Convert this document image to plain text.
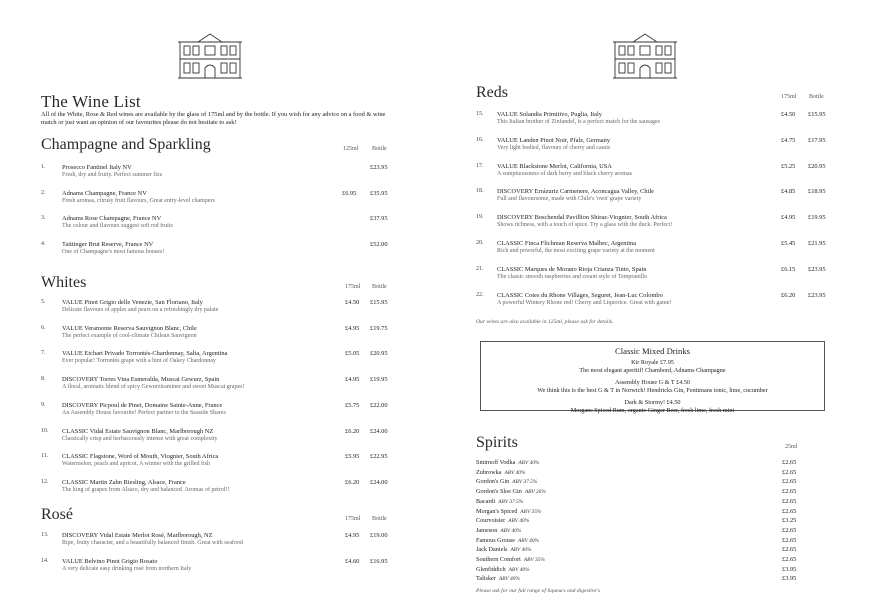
The Wine List
All of the White, Rose & Red wines are available by the glass of 175ml and by the bottle. If you wish for any advice on a food & wine match or just want an opinion of our favourites please do not hesitate to ask!
Champagne and Sparkling	125ml Bottle
1.	Prosecco Fantinel Italy NV
Fresh, dry and fruity. Perfect summer fizz
£23.95
2.	Adnams Champagne, France NV
Fresh aromas, citrusy fruit flavours, Great entry-level champers
£6.95 £35.95
3.	Adnams Rose Champagne, France NV
The colour and flavours suggest soft red fruits
£37.95
4.	Taittinger Brut Reserve, France NV
One of Champagne's most famous houses!
£52.00
Whites	175ml Bottle
5.	VALUE Pinot Grigio delle Venezie, San Floriano, Italy
Delicate flavours of apples and pears on a refreshingly dry palate
£4.50 £15.95
6.	VALUE Veramonte Reserva Sauvignon Blanc, Chile
The perfect example of cool-climate Chilean Sauvignon
£4.95 £19.75
7.	VALUE Etchart Privado Torrontés-Chardonnay, Salta, Argentina
Ever popular! Torrontés grape with a hint of Oakey Chardonnay
£5.05 £20.95
8.	DISCOVERY Torres Vina Esmeralda, Muscat Gewurz, Spain
A floral, aromatic blend of spicy Gewurztraminer and sweet Muscat grapes!
£4.95 £19.95
9.	DISCOVERY Picpoul de Pinet, Domaine Sainte-Anne, France
An Assembly House favourite! Perfect partner to the Seaside Shares
£5.75 £22.00
10. CLASSIC Vidal Estate Sauvignon Blanc, Marlborough NZ
Classically crisp and herbaceously intense with great complexity
£6.20 £24.00
11. CLASSIC Flagstone, Word of Mouth, Viognier, South Africa
Watermelon, peach and apricot. A winner with the grilled fish
£5.95 £22.95
12. CLASSIC Martin Zahn Riesling, Alsace, France
The king of grapes from Alsace, dry and balanced. Aromas of petrol!!
£6.20 £24.00
Rosé	175ml Bottle
13. DISCOVERY Vidal Estate Merlot Rosé, Marlborough, NZ
Ripe, fruity character, and a beautifully balanced finish. Great with seafood
£4.95 £19.00
14. VALUE Belvino Pinot Grigio Rosato
A very delicate easy drinking rosé from northern Italy
£4.60 £16.95
Reds	175ml Bottle
15. VALUE Solandia Primitivo, Puglia, Italy
This Italian brother of Zinfandel, is a perfect match for the sausages
£4.50 £15.95
16. VALUE Landen Pinot Noir, Pfalz, Germany
Very light bodied, flavours of cherry and cassis
£4.75 £17.95
17. VALUE Blackstone Merlot, California, USA
A sumptuousness of dark berry and black cherry aromas
£5.25 £20.95
18. DISCOVERY Errázuriz Carmenere, Aconcagua Valley, Chile
Full and flavoursome, made with Chile's 'own' grape variety
£4.85 £18.95
19. DISCOVERY Boschendal Pavillion Shiraz-Viognier, South Africa
Shows richness, with a touch of spice. Try a glass with the duck. Perfect!
£4.95 £19.95
20. CLASSIC Finca Flichman Reserva Malbec, Argentina
Rich and powerful, the most exciting grape variety at the moment
£5.45 £21.95
21. CLASSIC Marques de Morano Rioja Crianza Tinto, Spain
The classic smooth raspberries and cream style of Tempranillo
£6.15 £23.95
22. CLASSIC Cotes du Rhone Villages, Seguret, Jean-Luc Colombo
A powerful Wintery Rhone red! Cherry and Liquorice. Great with game!
£6.20 £23.95
Our wines are also available in 125ml, please ask for details.
Classic Mixed Drinks
Kir Royale £7.95
The most elegant aperitif! Chambord, Adnams Champagne
Assembly House G & T £4.50
We think this is the best G & T in Norwich! Hendricks Gin, Fentimans tonic, lime, cucumber
Dark & Stormy! £4.50
Morgans Spiced Rum, organic Ginger Beer, fresh lime, fresh mint
Spirits	25ml
Smirnoff Vodka ABV 40%	£2.65
Zubrowka ABV 40%	£2.65
Gordon's Gin ABV 37.5%	£2.65
Gordon's Sloe Gin ABV 26%	£2.65
Bacardi ABV 37.5%	£2.65
Morgan's Spiced ABV 35%	£2.65
Courvoisier ABV 40%	£3.25
Jameson ABV 40%	£2.65
Famous Grouse ABV 40%	£2.65
Jack Daniels ABV 40%	£2.65
Southern Comfort ABV 35%	£2.65
Glenfiddich ABV 40%	£3.95
Talisker ABV 40%	£3.95
Please ask for our full range of liqueurs and digestive's
